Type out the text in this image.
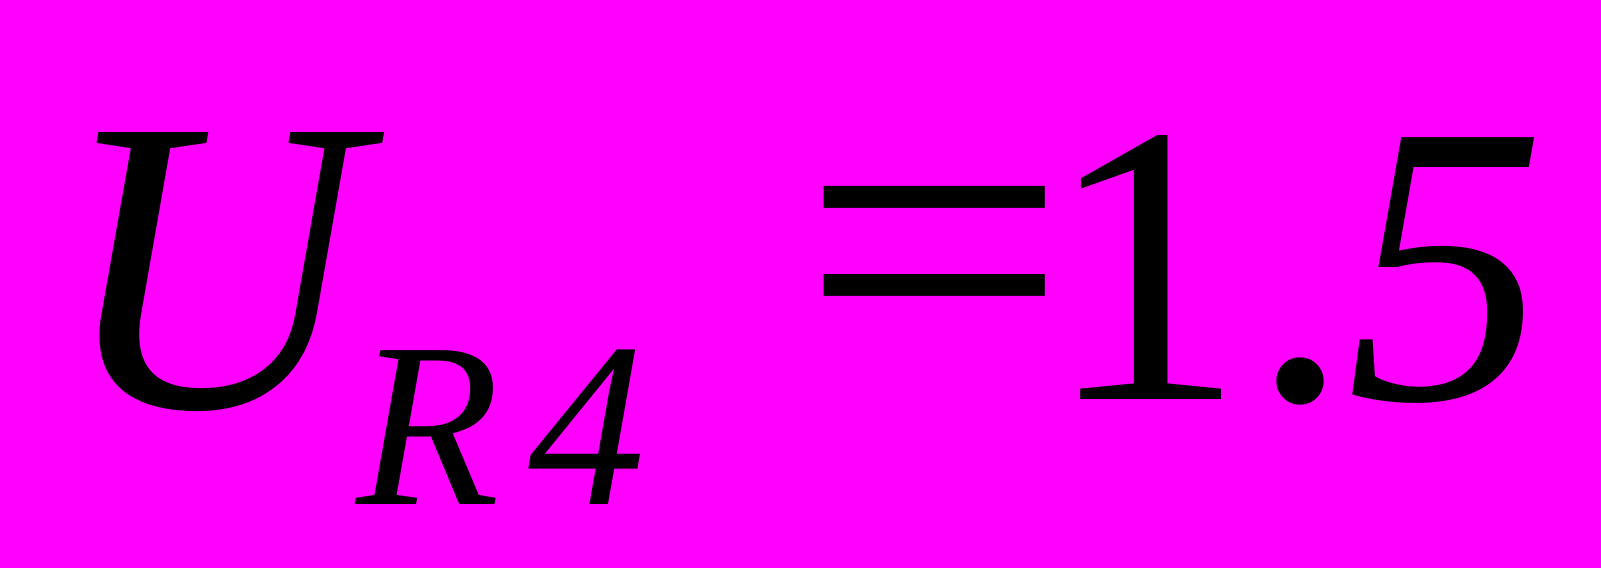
U
R4 =
1 .
5
